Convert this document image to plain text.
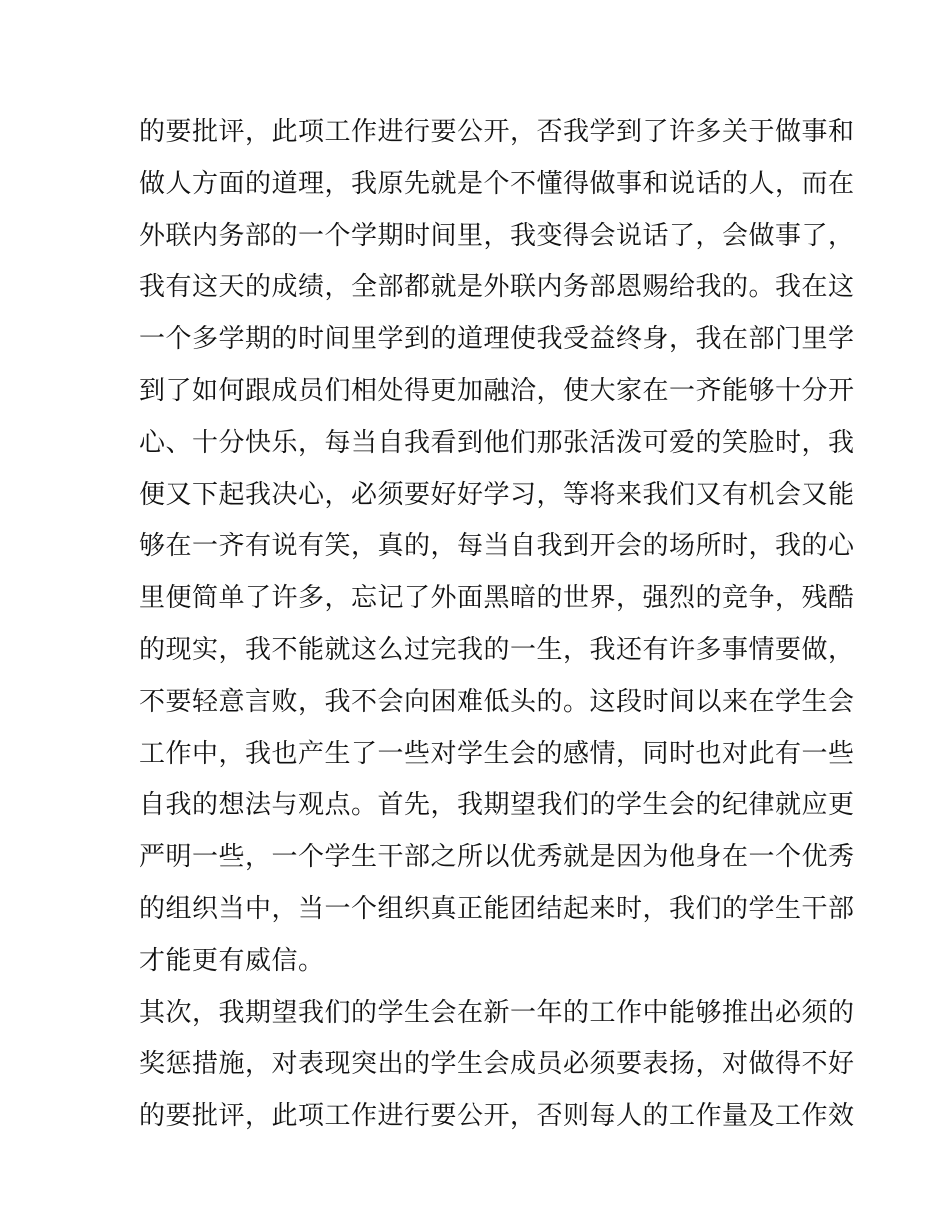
的要批评，此项工作进行要公开，否我学到了许多关于做事和
做人方面的道理，我原先就是个不懂得做事和说话的人，而在
外联内务部的一个学期时间里，我变得会说话了，会做事了，
我有这天的成绩，全部都就是外联内务部恩赐给我的。我在这
一个多学期的时间里学到的道理使我受益终身，我在部门里学
到了如何跟成员们相处得更加融洽，使大家在一齐能够十分开
心、十分快乐，每当自我看到他们那张活泼可爱的笑脸时，我
便又下起我决心，必须要好好学习，等将来我们又有机会又能
够在一齐有说有笑，真的，每当自我到开会的场所时，我的心
里便简单了许多，忘记了外面黑暗的世界，强烈的竞争，残酷
的现实，我不能就这么过完我的一生，我还有许多事情要做，
不要轻意言败，我不会向困难低头的。这段时间以来在学生会
工作中，我也产生了一些对学生会的感情，同时也对此有一些
自我的想法与观点。首先，我期望我们的学生会的纪律就应更
严明一些，一个学生干部之所以优秀就是因为他身在一个优秀
的组织当中，当一个组织真正能团结起来时，我们的学生干部
才能更有威信。
其次，我期望我们的学生会在新一年的工作中能够推出必须的
奖惩措施，对表现突出的学生会成员必须要表扬，对做得不好
的要批评，此项工作进行要公开，否则每人的工作量及工作效
